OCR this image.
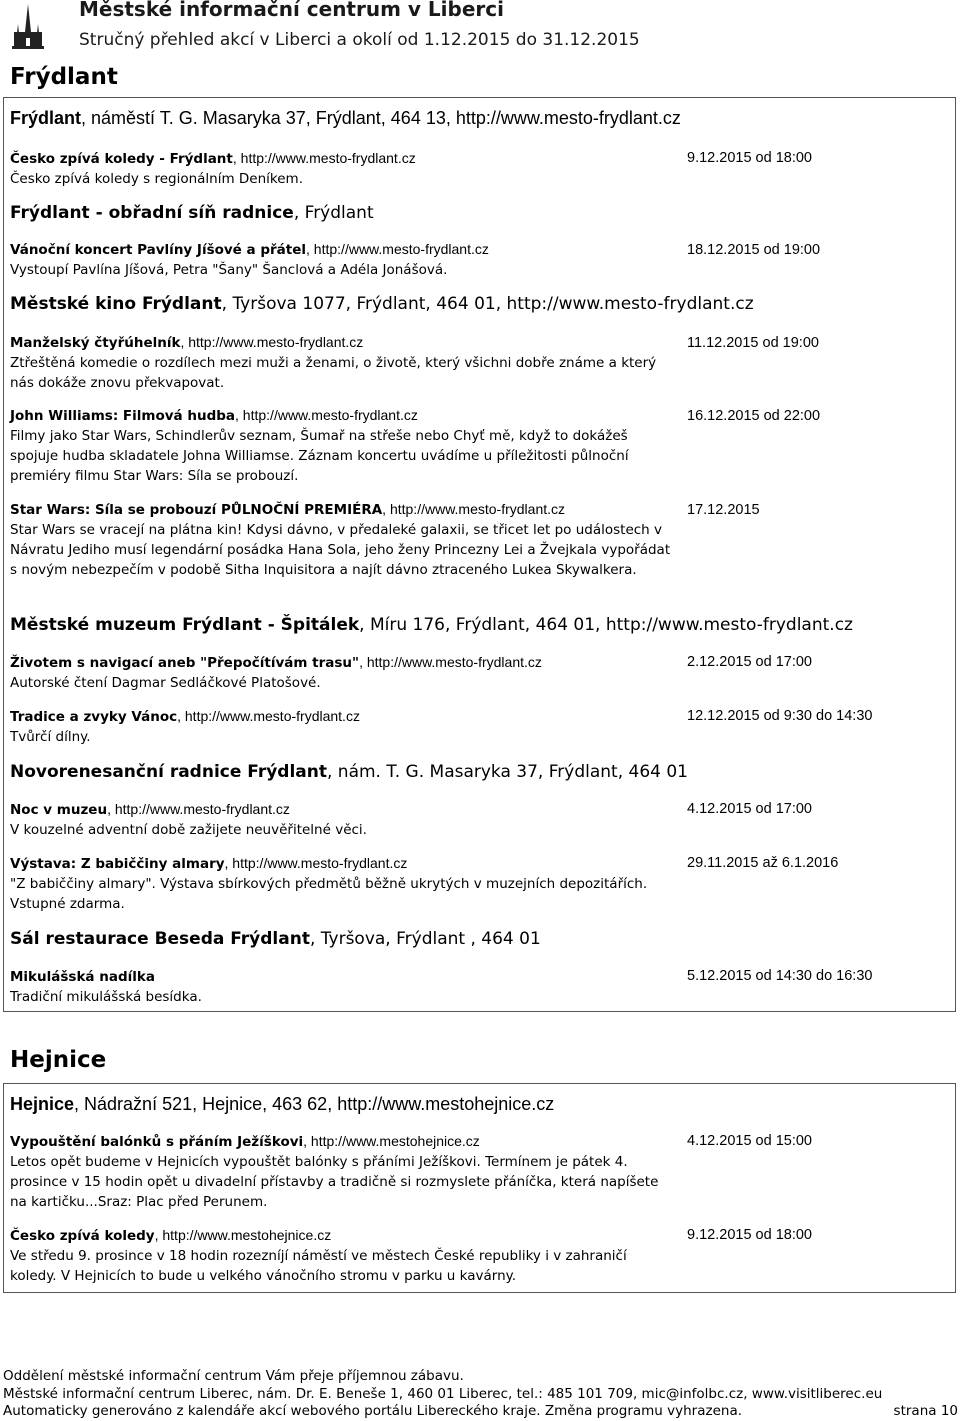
Městské informační centrum v Liberci
Stručný přehled akcí v Liberci a okolí od 1.12.2015 do 31.12.2015
Frýdlant
Frýdlant, náměstí T. G. Masaryka 37, Frýdlant, 464 13, http://www.mesto-frydlant.cz
Česko zpívá koledy - Frýdlant, http://www.mesto-frydlant.cz
Česko zpívá koledy s regionálním Deníkem.
9.12.2015 od 18:00
Frýdlant - obřadní síň radnice, Frýdlant
Vánoční koncert Pavlíny Jíšové a přátel, http://www.mesto-frydlant.cz
Vystoupí Pavlína Jíšová, Petra "Šany" Šanclová a Adéla Jonášová.
18.12.2015 od 19:00
Městské kino Frýdlant, Tyršova 1077, Frýdlant, 464 01, http://www.mesto-frydlant.cz
Manželský čtyřúhelník, http://www.mesto-frydlant.cz
Ztřeštěná komedie o rozdílech mezi muži a ženami, o životě, který všichni dobře známe a který nás dokáže znovu překvapovat.
11.12.2015 od 19:00
John Williams: Filmová hudba, http://www.mesto-frydlant.cz
Filmy jako Star Wars, Schindlerův seznam, Šumař na střeše nebo Chyť mě, když to dokážeš spojuje hudba skladatele Johna Williamse. Záznam koncertu uvádíme u příležitosti půlnoční premiéry filmu Star Wars: Síla se probouzí.
16.12.2015 od 22:00
Star Wars: Síla se probouzí PŮLNOČNÍ PREMIÉRA, http://www.mesto-frydlant.cz
Star Wars se vracejí na plátna kin! Kdysi dávno, v předaleké galaxii, se třicet let po událostech v Návratu Jediho musí legendární posádka Hana Sola, jeho ženy Princezny Lei a Žvejkala vypořádat s novým nebezpečím v podobě Sitha Inquisitora a najít dávno ztraceného Lukea Skywalkera.
17.12.2015
Městské muzeum Frýdlant - Špitálek, Míru 176, Frýdlant, 464 01, http://www.mesto-frydlant.cz
Životem s navigací aneb "Přepočítívám trasu", http://www.mesto-frydlant.cz
Autorské čtení Dagmar Sedláčkové Platošové.
2.12.2015 od 17:00
Tradice a zvyky Vánoc, http://www.mesto-frydlant.cz
Tvůrčí dílny.
12.12.2015 od 9:30 do 14:30
Novorenesanční radnice Frýdlant, nám. T. G. Masaryka 37, Frýdlant, 464 01
Noc v muzeu, http://www.mesto-frydlant.cz
V kouzelné adventní době zažijete neuvěřitelné věci.
4.12.2015 od 17:00
Výstava: Z babiččiny almary, http://www.mesto-frydlant.cz
"Z babiččiny almary". Výstava sbírkových předmětů běžně ukrytých v muzejních depozitářích. Vstupné zdarma.
29.11.2015 až 6.1.2016
Sál restaurace Beseda Frýdlant, Tyršova, Frýdlant , 464 01
Mikulášská nadílka
Tradiční mikulášská besídka.
5.12.2015 od 14:30 do 16:30
Hejnice
Hejnice, Nádražní 521, Hejnice, 463 62, http://www.mestohejnice.cz
Vypouštění balónků s přáním Ježíškovi, http://www.mestohejnice.cz
Letos opět budeme v Hejnicích vypouštět balónky s přáními Ježíškovi. Termínem je pátek 4. prosince v 15 hodin opět u divadelní přístavby a tradičně si rozmyslete přáníčka, která napíšete na kartičku...Sraz: Plac před Perunem.
4.12.2015 od 15:00
Česko zpívá koledy, http://www.mestohejnice.cz
Ve středu 9. prosince v 18 hodin rozezníjí náměstí ve městech České republiky i v zahraničí koledy. V Hejnicích to bude u velkého vánočního stromu v parku u kavárny.
9.12.2015 od 18:00
Oddělení městské informační centrum Vám přeje příjemnou zábavu.
Městské informační centrum Liberec, nám. Dr. E. Beneše 1, 460 01 Liberec, tel.: 485 101 709, mic@infolbc.cz, www.visitliberec.eu
Automaticky generováno z kalendáře akcí webového portálu Libereckého kraje. Změna programu vyhrazena.	strana 10
